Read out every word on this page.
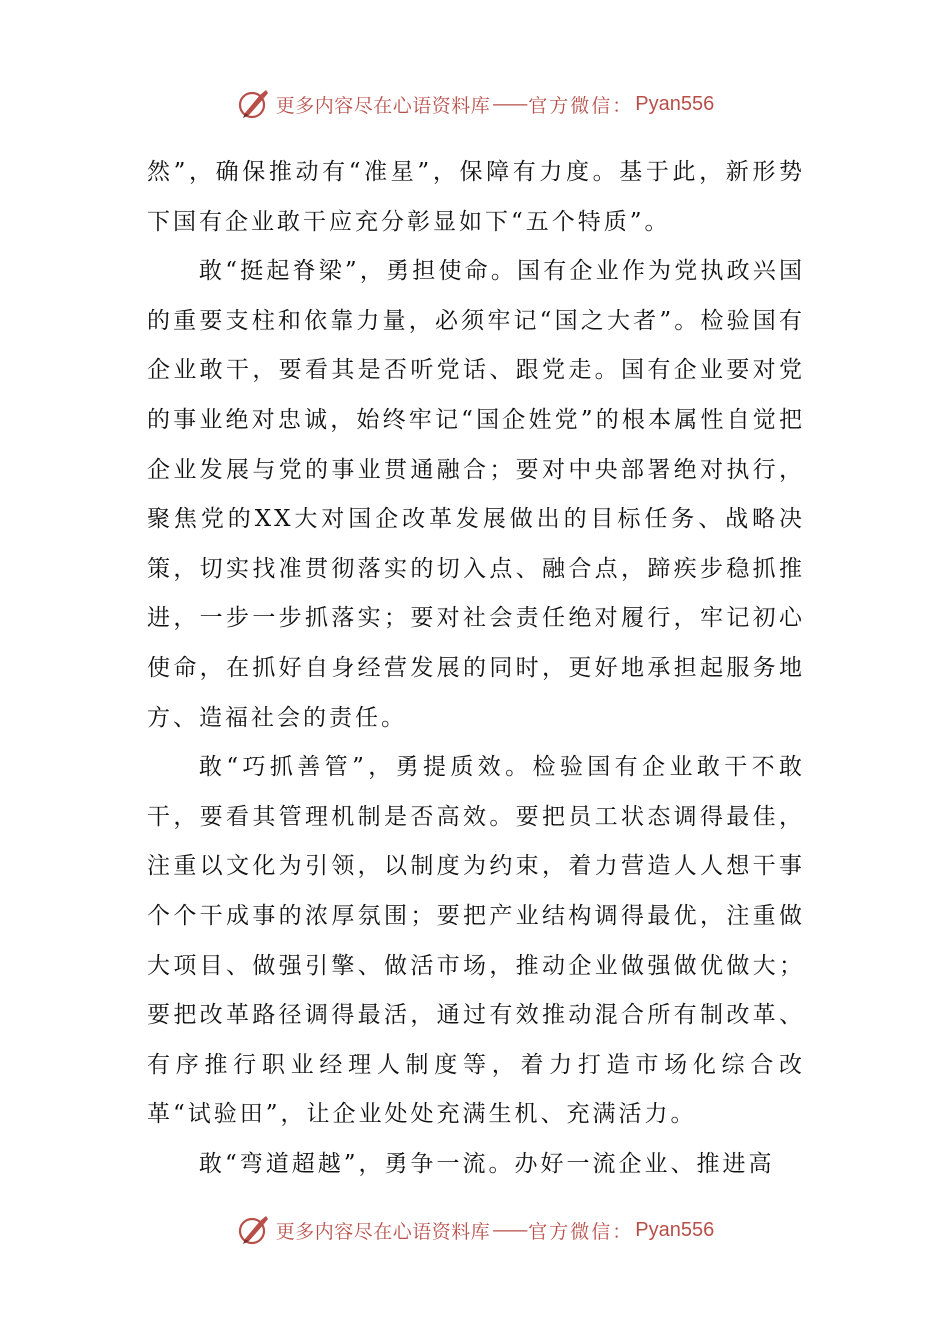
更多内容尽在心语资料库 —— 官方微信： Pyan556

然”，确保推动有“准星”，保障有力度。基于此，新形势下国有企业敢干应充分彰显如下“五个特质”。

敢“挺起脊梁”，勇担使命。国有企业作为党执政兴国的重要支柱和依靠力量，必须牢记“国之大者”。检验国有企业敢干，要看其是否听党话、跟党走。国有企业要对党的事业绝对忠诚，始终牢记“国企姓党”的根本属性自觉把企业发展与党的事业贯通融合；要对中央部署绝对执行，聚焦党的XX大对国企改革发展做出的目标任务、战略决策，切实找准贯彻落实的切入点、融合点，蹄疾步稳抓推进，一步一步抓落实；要对社会责任绝对履行，牢记初心使命，在抓好自身经营发展的同时，更好地承担起服务地方、造福社会的责任。

敢“巧抓善管”，勇提质效。检验国有企业敢干不敢干，要看其管理机制是否高效。要把员工状态调得最佳，注重以文化为引领，以制度为约束，着力营造人人想干事个个干成事的浓厚氛围；要把产业结构调得最优，注重做大项目、做强引擎、做活市场，推动企业做强做优做大；要把改革路径调得最活，通过有效推动混合所有制改革、有序推行职业经理人制度等，着力打造市场化综合改革“试验田”，让企业处处充满生机、充满活力。

敢“弯道超越”，勇争一流。办好一流企业、推进高

更多内容尽在心语资料库 —— 官方微信： Pyan556
